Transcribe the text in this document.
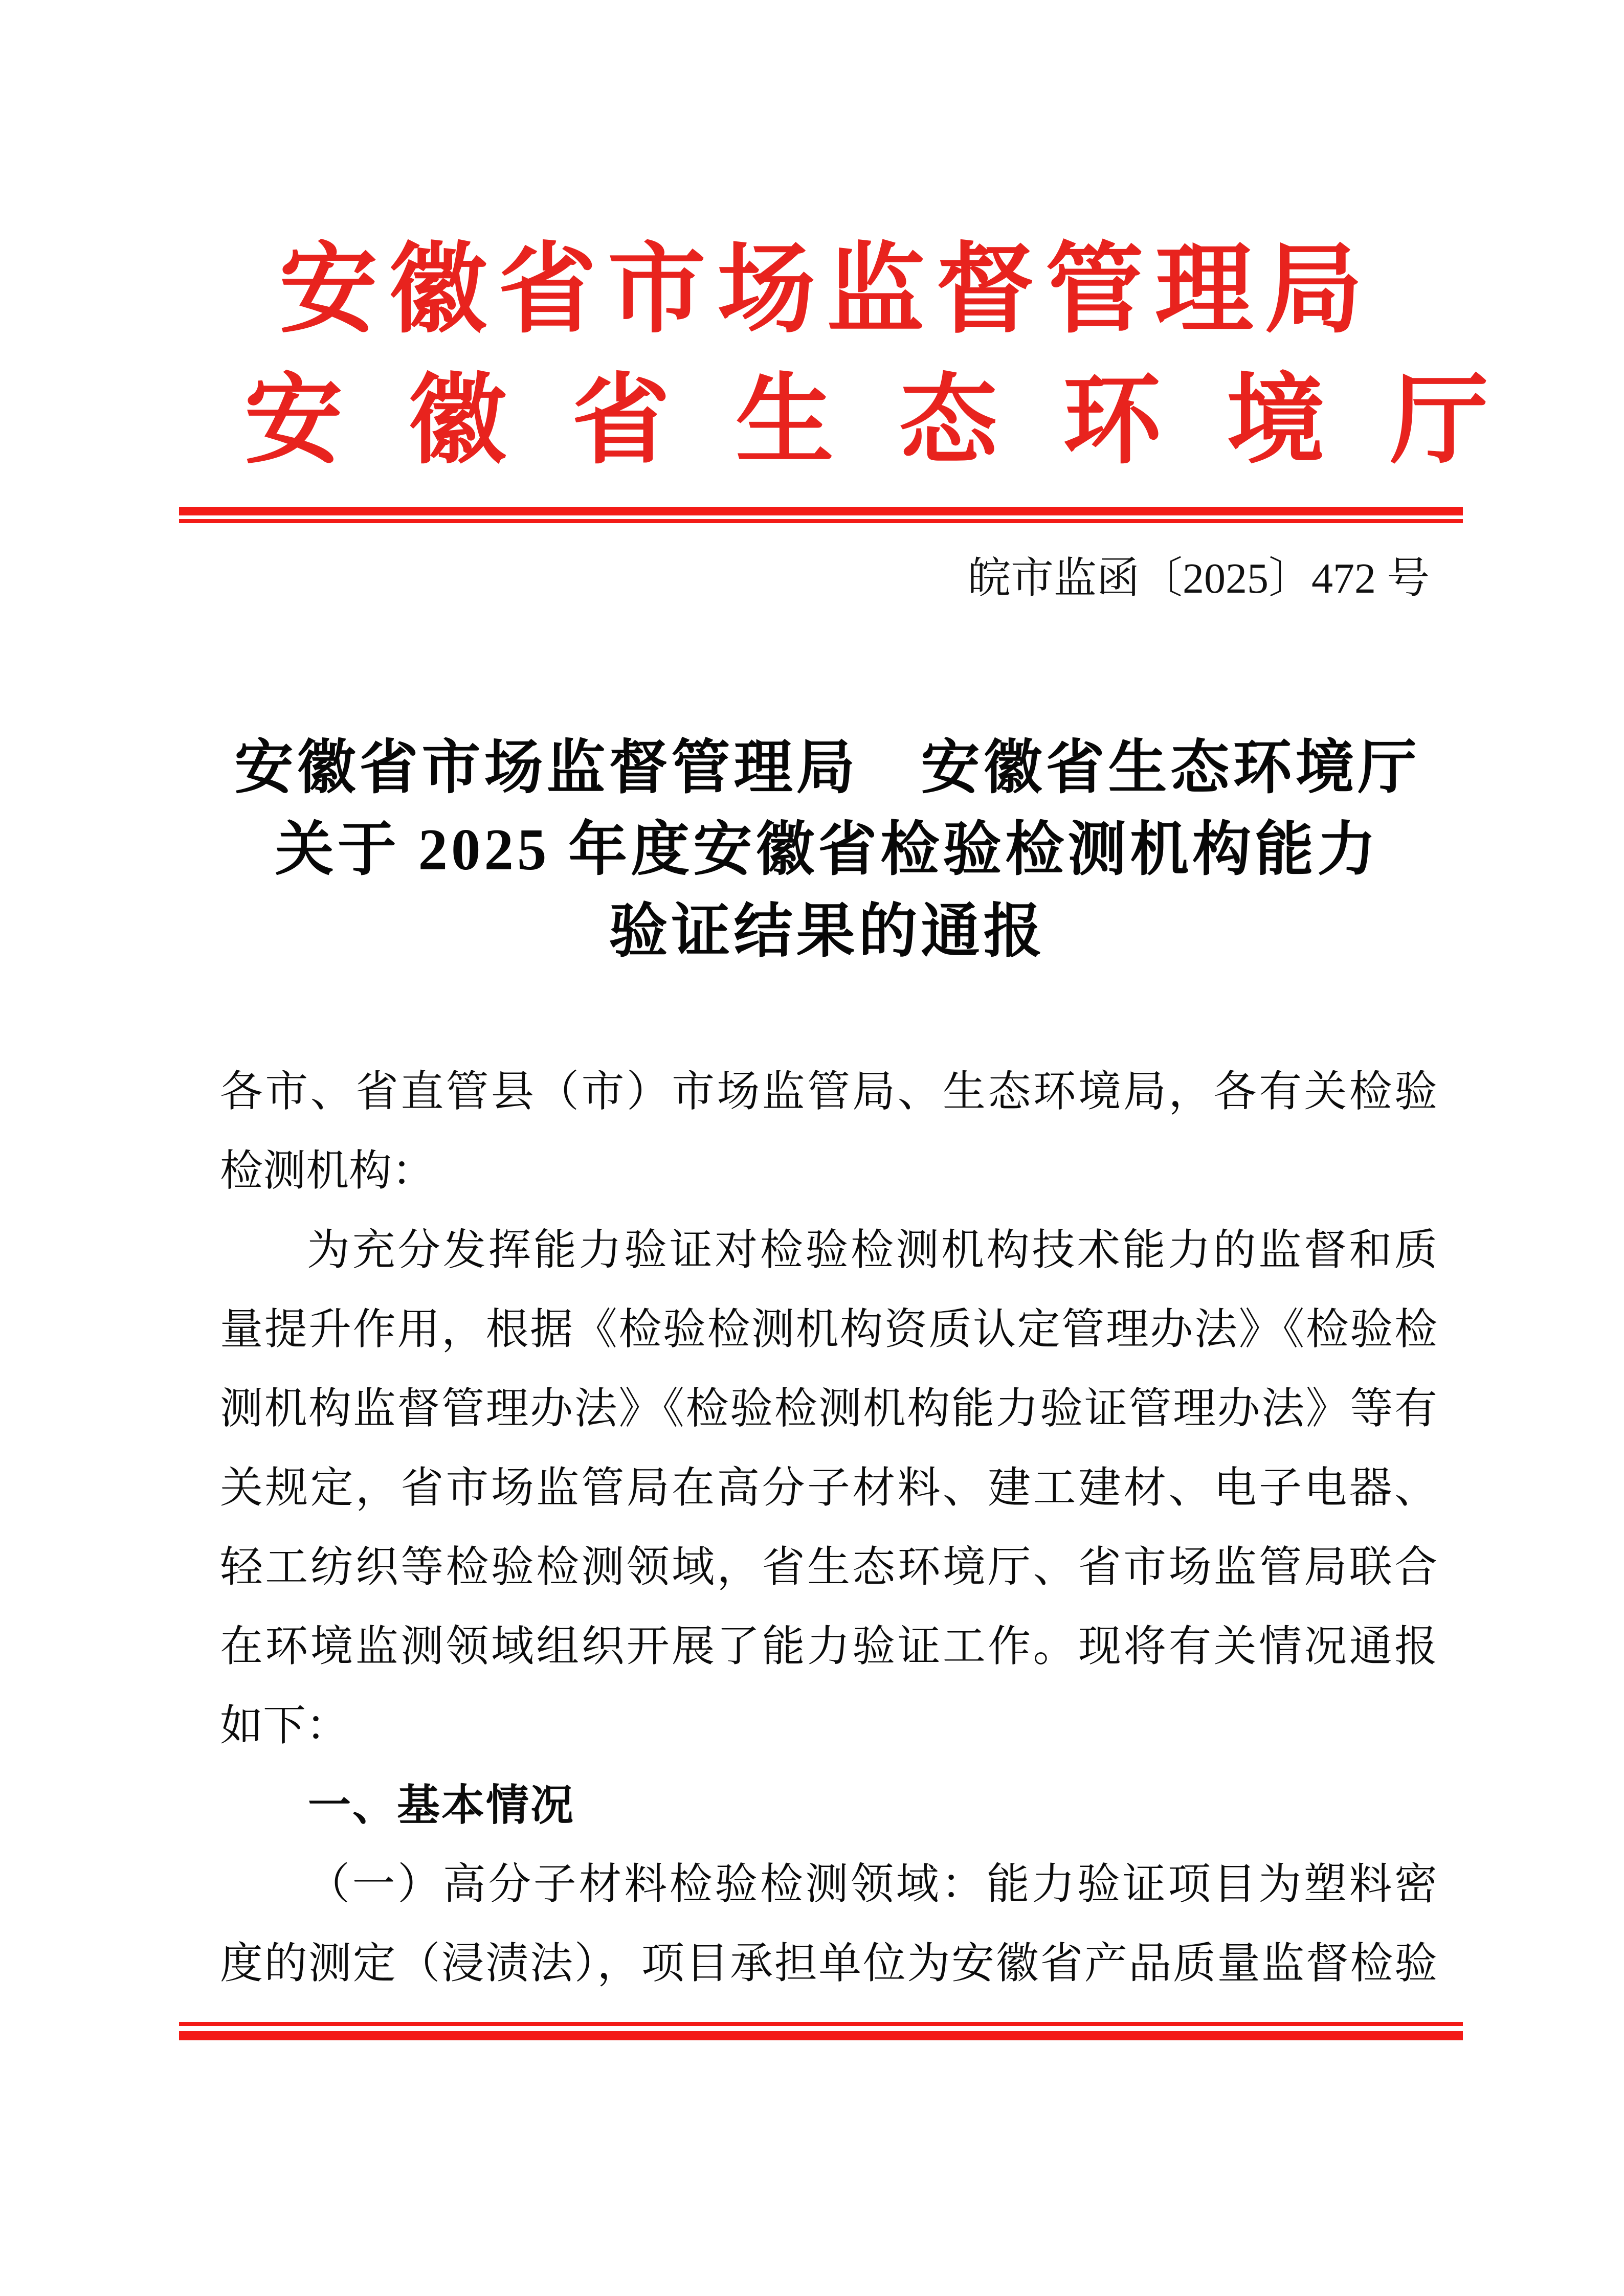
安徽省市场监督管理局
安徽省生态环境厅
皖市监函〔2025〕472 号
安徽省市场监督管理局　安徽省生态环境厅
关于 2025 年度安徽省检验检测机构能力
验证结果的通报
各市、省直管县（市）市场监管局、生态环境局，各有关检验
检测机构：
为充分发挥能力验证对检验检测机构技术能力的监督和质
量提升作用，根据《检验检测机构资质认定管理办法》《检验检
测机构监督管理办法》《检验检测机构能力验证管理办法》等有
关规定，省市场监管局在高分子材料、建工建材、电子电器、
轻工纺织等检验检测领域，省生态环境厅、省市场监管局联合
在环境监测领域组织开展了能力验证工作。现将有关情况通报
如下：
一、基本情况
（一）高分子材料检验检测领域：能力验证项目为塑料密
度的测定（浸渍法），项目承担单位为安徽省产品质量监督检验
